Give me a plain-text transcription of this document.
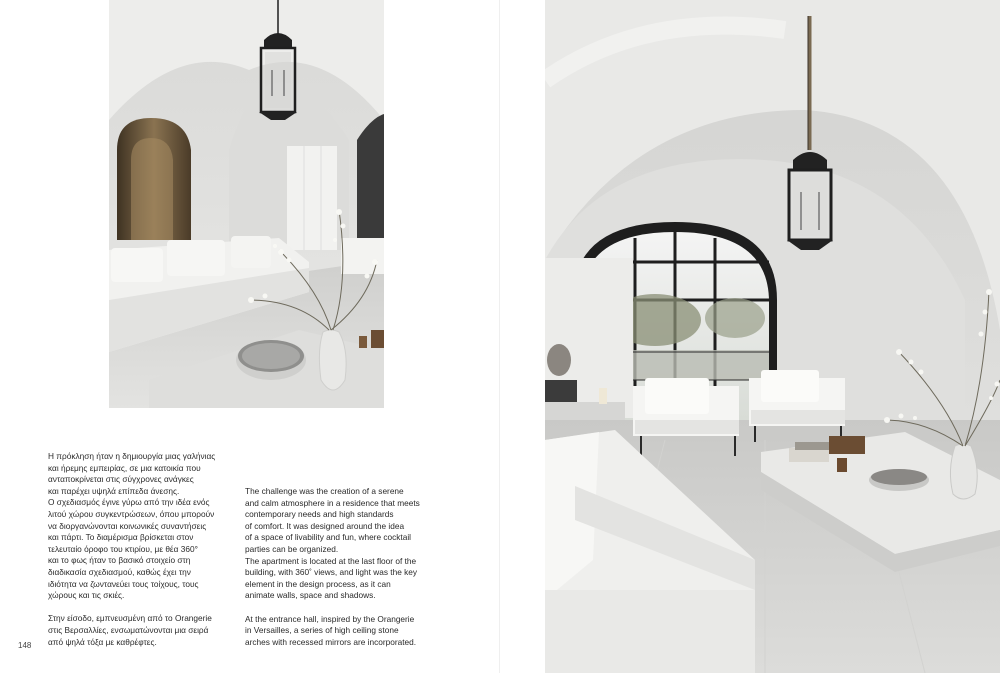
Η πρόκληση ήταν η δημιουργία μιας γαλήνιας
και ήρεμης εμπειρίας, σε μια κατοικία που
ανταποκρίνεται στις σύγχρονες ανάγκες
και παρέχει υψηλά επίπεδα άνεσης.
Ο σχεδιασμός έγινε γύρω από την ιδέα ενός
λιτού χώρου συγκεντρώσεων, όπου μπορούν
να διοργανώνονται κοινωνικές συναντήσεις
και πάρτι. Το διαμέρισμα βρίσκεται στον
τελευταίο όροφο του κτιρίου, με θέα 360°
και το φως ήταν το βασικό στοιχείο στη
διαδικασία σχεδιασμού, καθώς έχει την
ιδιότητα να ζωντανεύει τους τοίχους, τους
χώρους και τις σκιές.

Στην είσοδο, εμπνευσμένη από το Orangerie
στις Βερσαλλίες, ενσωματώνονται μια σειρά
από ψηλά τόξα με καθρέφτες.

The challenge was the creation of a serene
and calm atmosphere in a residence that meets
contemporary needs and high standards
of comfort. It was designed around the idea
of a space of livability and fun, where cocktail
parties can be organized.
The apartment is located at the last floor of the
building, with 360˚ views, and light was the key
element in the design process, as it can
animate walls, space and shadows.

At the entrance hall, inspired by the Orangerie
in Versailles, a series of high ceiling stone
arches with recessed mirrors are incorporated.

148
